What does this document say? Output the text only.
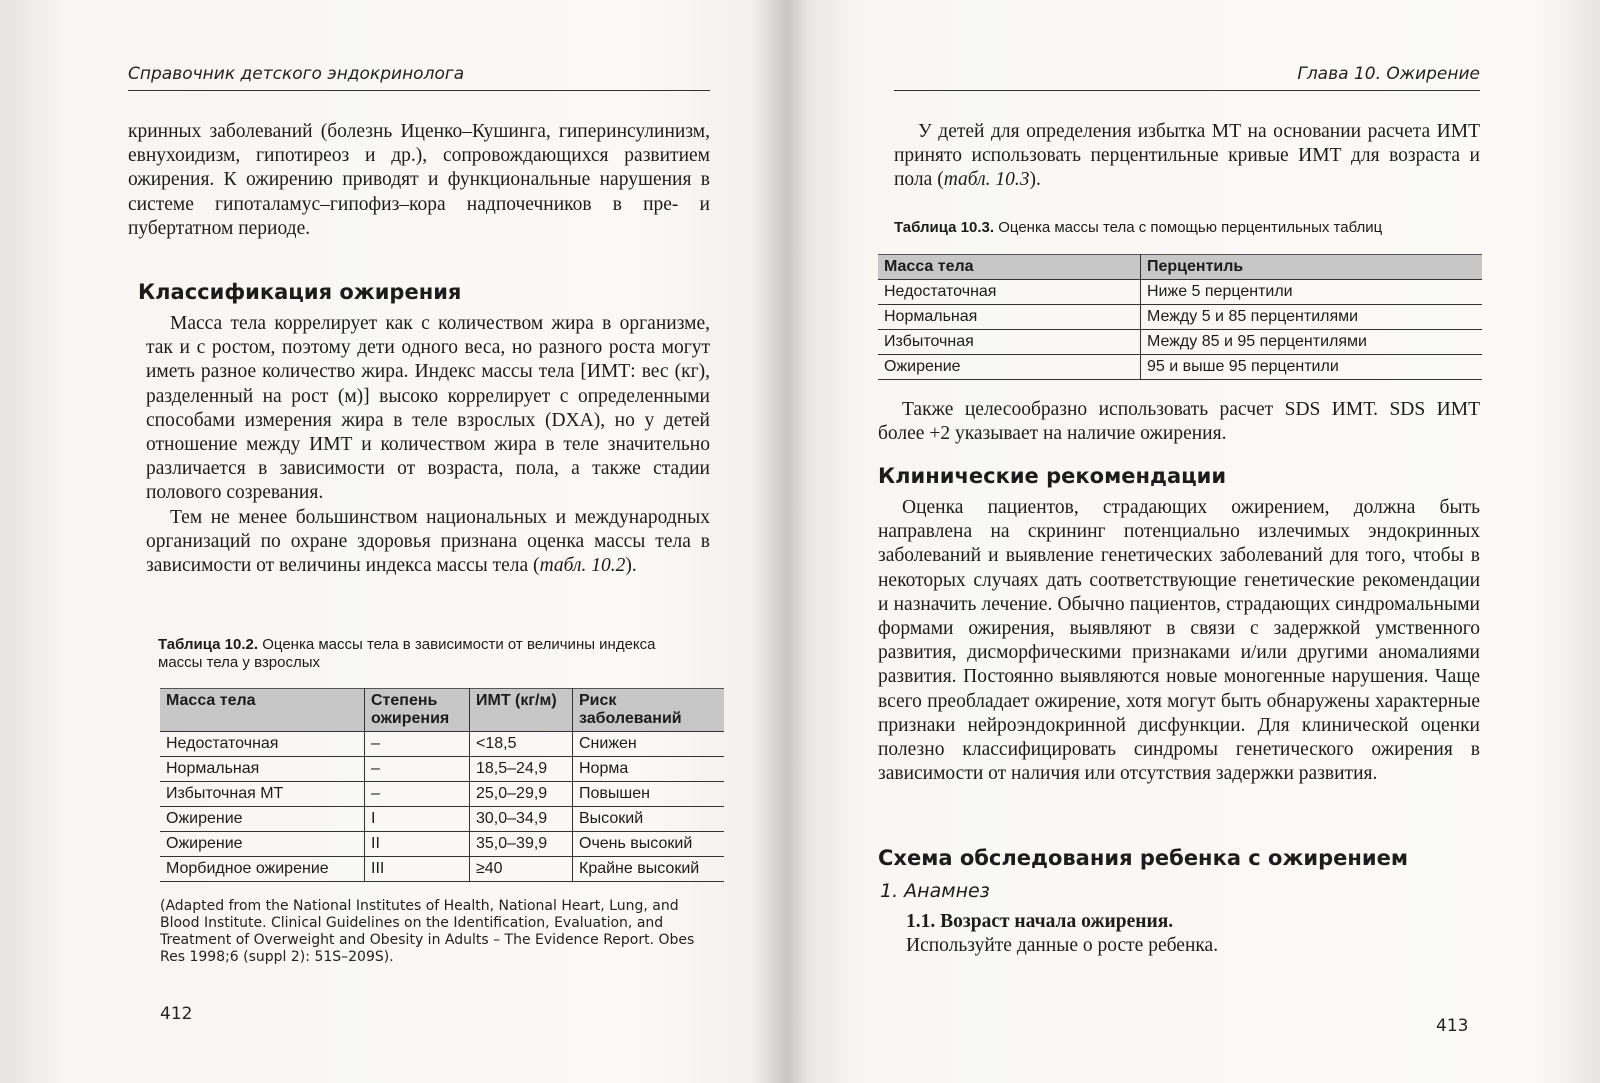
Справочник детского эндокринолога

кринных заболеваний (болезнь Иценко–Кушинга, гиперинсулинизм, евнухоидизм, гипотиреоз и др.), сопровождающихся развитием ожирения. К ожирению приводят и функциональные нарушения в системе гипоталамус–гипофиз–кора надпочечников в пре- и пубертатном периоде.

Классификация ожирения

Масса тела коррелирует как с количеством жира в организме, так и с ростом, поэтому дети одного веса, но разного роста могут иметь разное количество жира. Индекс массы тела [ИМТ: вес (кг), разделенный на рост (м)] высоко коррелирует с определенными способами измерения жира в теле взрослых (DXA), но у детей отношение между ИМТ и количеством жира в теле значительно различается в зависимости от возраста, пола, а также стадии полового созревания.

Тем не менее большинством национальных и международных организаций по охране здоровья признана оценка массы тела в зависимости от величины индекса массы тела (табл. 10.2).

Таблица 10.2. Оценка массы тела в зависимости от величины индекса массы тела у взрослых
Масса тела	Степень ожирения	ИМТ (кг/м)	Риск заболеваний
Недостаточная	–	<18,5	Снижен
Нормальная	–	18,5–24,9	Норма
Избыточная МТ	–	25,0–29,9	Повышен
Ожирение	I	30,0–34,9	Высокий
Ожирение	II	35,0–39,9	Очень высокий
Морбидное ожирение	III	≥40	Крайне высокий
(Adapted from the National Institutes of Health, National Heart, Lung, and Blood Institute. Clinical Guidelines on the Identification, Evaluation, and Treatment of Overweight and Obesity in Adults – The Evidence Report. Obes Res 1998;6 (suppl 2): 51S–209S).
412
Глава 10. Ожирение

У детей для определения избытка МТ на основании расчета ИМТ принято использовать перцентильные кривые ИМТ для возраста и пола (табл. 10.3).

Таблица 10.3. Оценка массы тела с помощью перцентильных таблиц
Масса тела	Перцентиль
Недостаточная	Ниже 5 перцентили
Нормальная	Между 5 и 85 перцентилями
Избыточная	Между 85 и 95 перцентилями
Ожирение	95 и выше 95 перцентили

Также целесообразно использовать расчет SDS ИМТ. SDS ИМТ более +2 указывает на наличие ожирения.

Клинические рекомендации

Оценка пациентов, страдающих ожирением, должна быть направлена на скрининг потенциально излечимых эндокринных заболеваний и выявление генетических заболеваний для того, чтобы в некоторых случаях дать соответствующие генетические рекомендации и назначить лечение. Обычно пациентов, страдающих синдромальными формами ожирения, выявляют в связи с задержкой умственного развития, дисморфическими признаками и/или другими аномалиями развития. Постоянно выявляются новые моногенные нарушения. Чаще всего преобладает ожирение, хотя могут быть обнаружены характерные признаки нейроэндокринной дисфункции. Для клинической оценки полезно классифицировать синдромы генетического ожирения в зависимости от наличия или отсутствия задержки развития.

Схема обследования ребенка с ожирением
1. Анамнез

1.1. Возраст начала ожирения.

Используйте данные о росте ребенка.

413
